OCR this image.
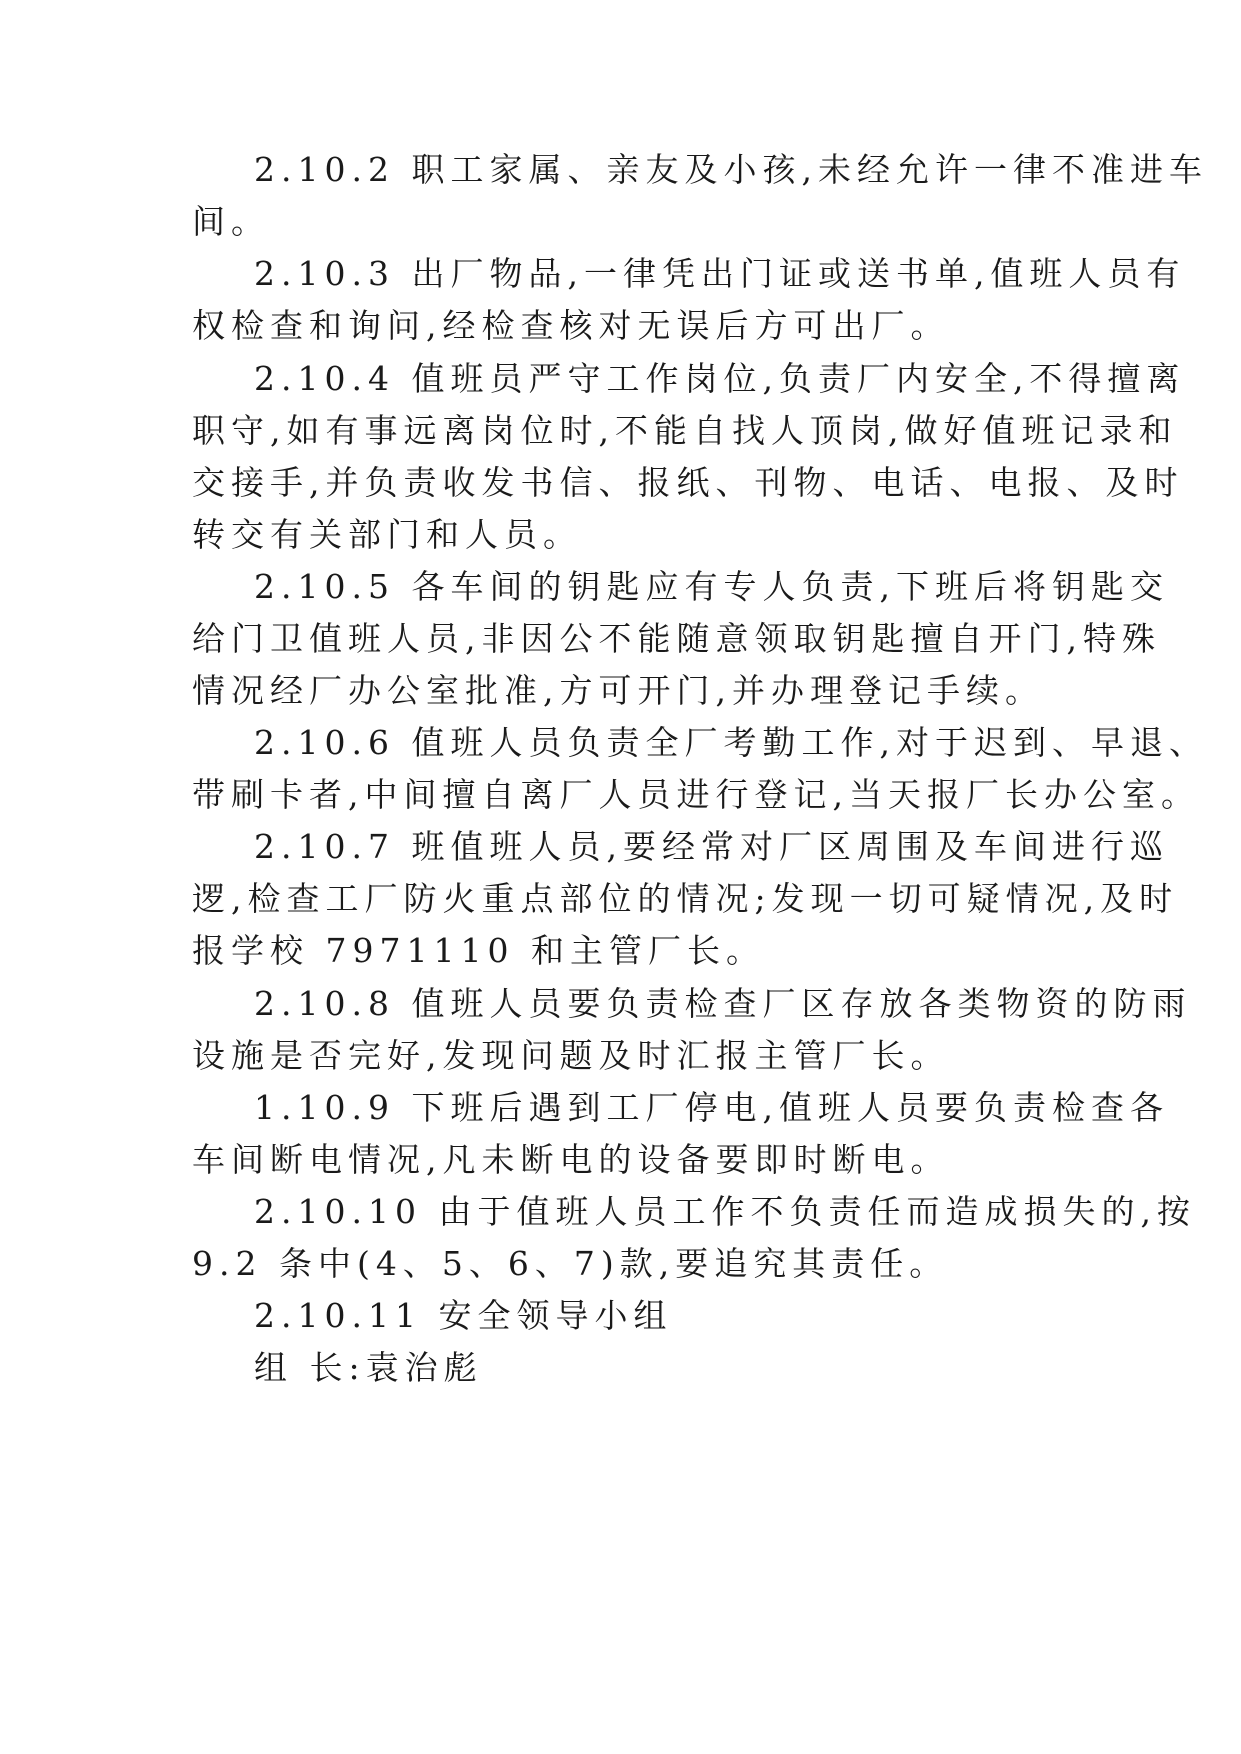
2.10.2 职工家属、亲友及小孩,未经允许一律不准进车
间。
2.10.3 出厂物品,一律凭出门证或送书单,值班人员有
权检查和询问,经检查核对无误后方可出厂。
2.10.4 值班员严守工作岗位,负责厂内安全,不得擅离
职守,如有事远离岗位时,不能自找人顶岗,做好值班记录和
交接手,并负责收发书信、报纸、刊物、电话、电报、及时
转交有关部门和人员。
2.10.5 各车间的钥匙应有专人负责,下班后将钥匙交
给门卫值班人员,非因公不能随意领取钥匙擅自开门,特殊
情况经厂办公室批准,方可开门,并办理登记手续。
2.10.6 值班人员负责全厂考勤工作,对于迟到、早退、
带刷卡者,中间擅自离厂人员进行登记,当天报厂长办公室。
2.10.7 班值班人员,要经常对厂区周围及车间进行巡
逻,检查工厂防火重点部位的情况;发现一切可疑情况,及时
报学校 7971110 和主管厂长。
2.10.8 值班人员要负责检查厂区存放各类物资的防雨
设施是否完好,发现问题及时汇报主管厂长。
1.10.9 下班后遇到工厂停电,值班人员要负责检查各
车间断电情况,凡未断电的设备要即时断电。
2.10.10 由于值班人员工作不负责任而造成损失的,按
9.2 条中(4、5、6、7)款,要追究其责任。
2.10.11 安全领导小组
组 长:袁治彪
